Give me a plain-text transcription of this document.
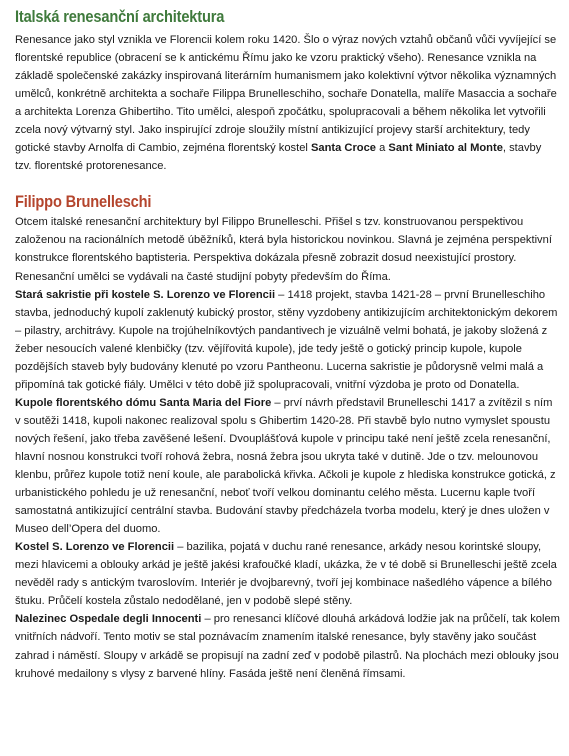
Italská renesanční architektura

Renesance jako styl vznikla ve Florencii kolem roku 1420. Šlo o výraz nových vztahů občanů vůči vyvíjející se florentské republice (obracení se k antickému Římu jako ke vzoru praktický všeho). Renesance vznikla na základě společenské zakázky inspirovaná literárním humanismem jako kolektivní výtvor několika významných umělců, konkrétně architekta a sochaře Filippa Brunelleschiho, sochaře Donatella, malíře Masaccia a sochaře a architekta Lorenza Ghibertiho. Tito umělci, alespoň zpočátku, spolupracovali a během několika let vytvořili zcela nový výtvarný styl. Jako inspirující zdroje sloužily místní antikizující projevy starší architektury, tedy gotické stavby Arnolfa di Cambio, zejména florentský kostel Santa Croce a Sant Miniato al Monte, stavby tzv. florentské protorenesance.

Filippo Brunelleschi

Otcem italské renesanční architektury byl Filippo Brunelleschi. Přišel s tzv. konstruovanou perspektivou založenou na racionálních metodě úběžníků, která byla historickou novinkou. Slavná je zejména perspektivní konstrukce florentského baptisteria. Perspektiva dokázala přesně zobrazit dosud neexistující prostory.

Renesanční umělci se vydávali na časté studijní pobyty především do Říma.

Stará sakristie při kostele S. Lorenzo ve Florencii – 1418 projekt, stavba 1421-28 – první Brunelleschiho stavba, jednoduchý kupolí zaklenutý kubický prostor, stěny vyzdobeny antikizujícím architektonickým dekorem – pilastry, architrávy. Kupole na trojúhelníkovtých pandantivech je vizuálně velmi bohatá, je jakoby složená z žeber nesoucích valené klenbičky (tzv. vějířovitá kupole), jde tedy ještě o gotický princip kupole, kupole pozdějších staveb byly budovány klenuté po vzoru Pantheonu. Lucerna sakristie je půdorysně velmi malá a připomíná tak gotické fiály. Umělci v této době již spolupracovali, vnitřní výzdoba je proto od Donatella.

Kupole florentského dómu Santa Maria del Fiore – prví návrh představil Brunelleschi 1417 a zvítězil s ním v soutěži 1418, kupoli nakonec realizoval spolu s Ghibertim 1420-28. Při stavbě bylo nutno vymyslet spoustu nových řešení, jako třeba zavěšené lešení. Dvouplášťová kupole v principu také není ještě zcela renesanční, hlavní nosnou konstrukci tvoří rohová žebra, nosná žebra jsou ukryta také v dutině. Jde o tzv. melounovou klenbu, průřez kupole totiž není koule, ale parabolická křivka. Ačkoli je kupole z hlediska konstrukce gotická, z urbanistického pohledu je už renesanční, neboť tvoří velkou dominantu celého města. Lucernu kaple tvoří samostatná antikizující centrální stavba. Budování stavby předcházela tvorba modelu, který je dnes uložen v Museo dell’Opera del duomo.

Kostel S. Lorenzo ve Florencii – bazilika, pojatá v duchu rané renesance, arkády nesou korintské sloupy, mezi hlavicemi a oblouky arkád je ještě jakési krafoučké kladí, ukázka, že v té době si Brunelleschi ještě zcela nevěděl rady s antickým tvaroslovím. Interiér je dvojbarevný, tvoří jej kombinace našedlého vápence a bílého štuku. Průčelí kostela zůstalo nedodělané, jen v podobě slepé stěny.

Nalezinec Ospedale degli Innocenti – pro renesanci klíčové dlouhá arkádová lodžie jak na průčelí, tak kolem vnitřních nádvoří. Tento motiv se stal poznávacím znamením italské renesance, byly stavěny jako součást zahrad i náměstí. Sloupy v arkádě se propisují na zadní zeď v podobě pilastrů. Na plochách mezi oblouky jsou kruhové medailony s vlysy z barvené hlíny. Fasáda ještě není členěná římsami.
